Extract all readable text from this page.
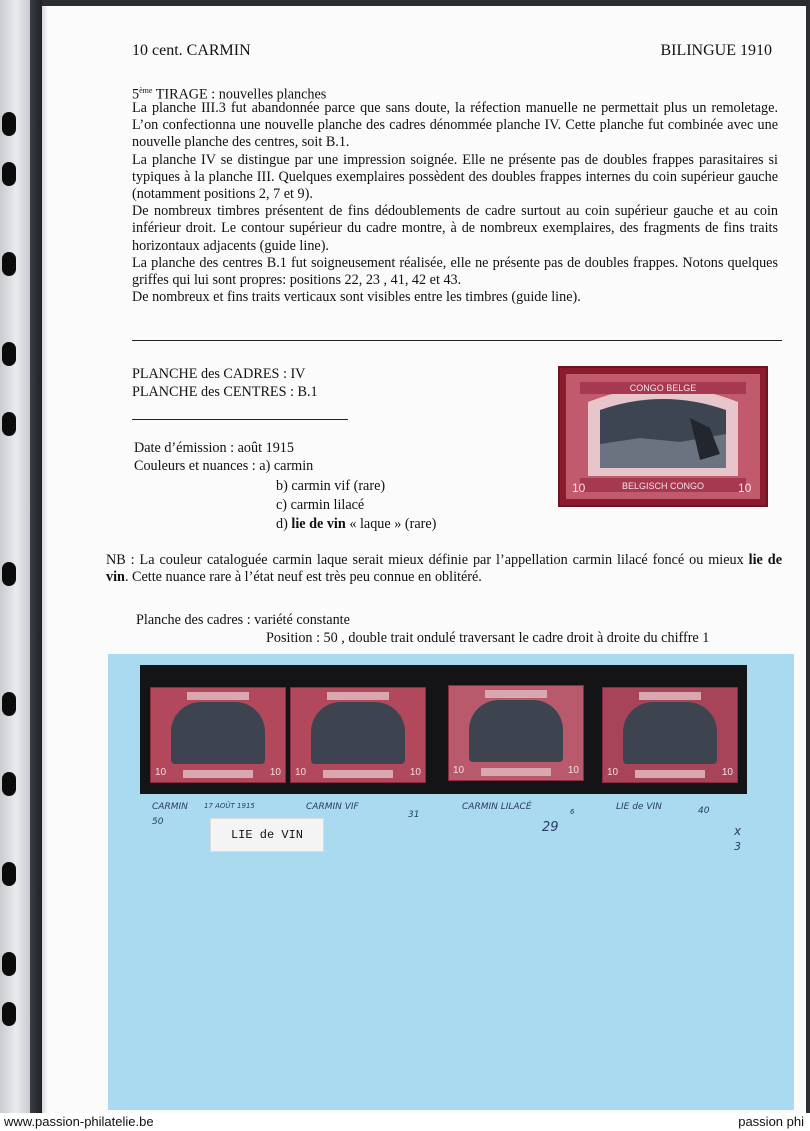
10 cent. CARMIN	BILINGUE 1910
5ème TIRAGE : nouvelles planches

La planche III.3 fut abandonnée parce que sans doute, la réfection manuelle ne permettait plus un remoletage. L’on confectionna une nouvelle planche des cadres dénommée planche IV. Cette planche fut combinée avec une nouvelle planche des centres, soit B.1.

La planche IV se distingue par une impression soignée. Elle ne présente pas de doubles frappes parasitaires si typiques à la planche III. Quelques exemplaires possèdent des doubles frappes internes du coin supérieur gauche (notamment positions 2, 7 et 9).

De nombreux timbres présentent de fins dédoublements de cadre surtout au coin supérieur gauche et au coin inférieur droit. Le contour supérieur du cadre montre, à de nombreux exemplaires, des fragments de fins traits horizontaux adjacents (guide line).

La planche des centres B.1 fut soigneusement réalisée, elle ne présente pas de doubles frappes. Notons quelques griffes qui lui sont propres: positions 22, 23 , 41, 42 et 43.

De nombreux et fins traits verticaux sont visibles entre les timbres (guide line).

PLANCHE des CADRES : IV
PLANCHE des CENTRES : B.1
Date d’émission : août 1915
Couleurs et nuances : a) carmin
b) carmin vif (rare)
c) carmin lilacé
d) lie de vin « laque » (rare)
CONGO BELGE
BELGISCH CONGO
10	10

NB : La couleur cataloguée carmin laque serait mieux définie par l’appellation carmin lilacé foncé ou mieux lie de vin. Cette nuance rare à l’état neuf est très peu connue en oblitéré.

Planche des cadres : variété constante
Position : 50 , double trait ondulé traversant le cadre droit à droite du chiffre 1
10	10 10	10	10	10	10	10
CARMIN
50
17 AOÛT 1915	CARMIN VIF
31
CARMIN LILACÉ	6
29
LIE de VIN	40
x
3
LIE de VIN
www.passion-philatelie.be	passion phi
